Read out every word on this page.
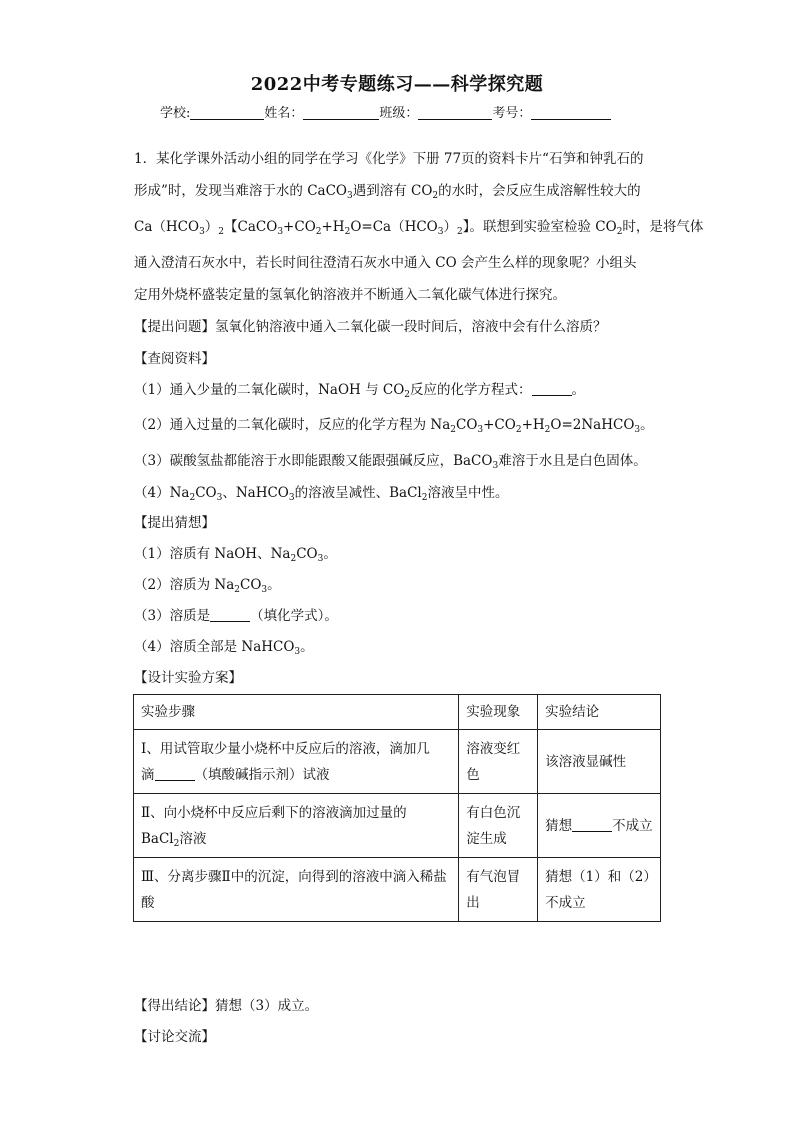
2022中考专题练习——科学探究题
学校:	姓名：	班级：	考号：
1．某化学课外活动小组的同学在学习《化学》下册 77页的资料卡片“石笋和钟乳石的
形成”时，发现当难溶于水的 CaCO$_3$遇到溶有 $CO_2$的水时，会反应生成溶解性较大的
$Ca(HCO_3)_2$【$CaCO_3+CO_2+H_2O=Ca(HCO_3)_2$】。联想到实验室检验 $CO_2$时，是将气体
通入澄清石灰水中，若长时间往澄清石灰水中通入 CO 会产生么样的现象呢？小组头
定用外烧杯盛装定量的氢氧化钠溶液并不断通入二氧化碳气体进行探究。
【提出问题】氢氧化钠溶液中通入二氧化碳一段时间后，溶液中会有什么溶质？
【查阅资料】
（1）通入少量的二氧化碳时，NaOH 与 $CO_2$反应的化学方程式：	。
（2）通入过量的二氧化碳时，反应的化学方程为 $Na_2CO_3+CO_2+H_2O=2NaHCO_3$。
（3）碳酸氢盐都能溶于水即能跟酸又能跟强碱反应，BaCO$_3$难溶于水且是白色固体。
$(4)Na_2CO_3$、NaHCO$_3$的溶液呈减性、BaCl$_2$溶液呈中性。
【提出猜想】
（1）溶质有 NaOH、$Na_2CO_3$。
（2）溶质为 $Na_2CO_3$。
（3）溶质是	（填化学式）。
（4）溶质全部是 NaHCO$_3$。
【设计实验方案】
实验步骤	实验现象	实验结论

I、用试管取少量小烧杯中反应后的溶液，滴加几
滴 （填酸碱指示剂）试液	溶液变红色	该溶液显碱性

Ⅱ、向小烧杯中反应后剩下的溶液滴加过量的
BaCl$_2$溶液	有白色沉淀生成	猜想 不成立
Ⅲ、分离步骤Ⅱ中的沉淀，向得到的溶液中滴入稀盐酸	有气泡冒出	猜想（1）和（2）不成立
【得出结论】猜想（3）成立。
【讨论交流】
